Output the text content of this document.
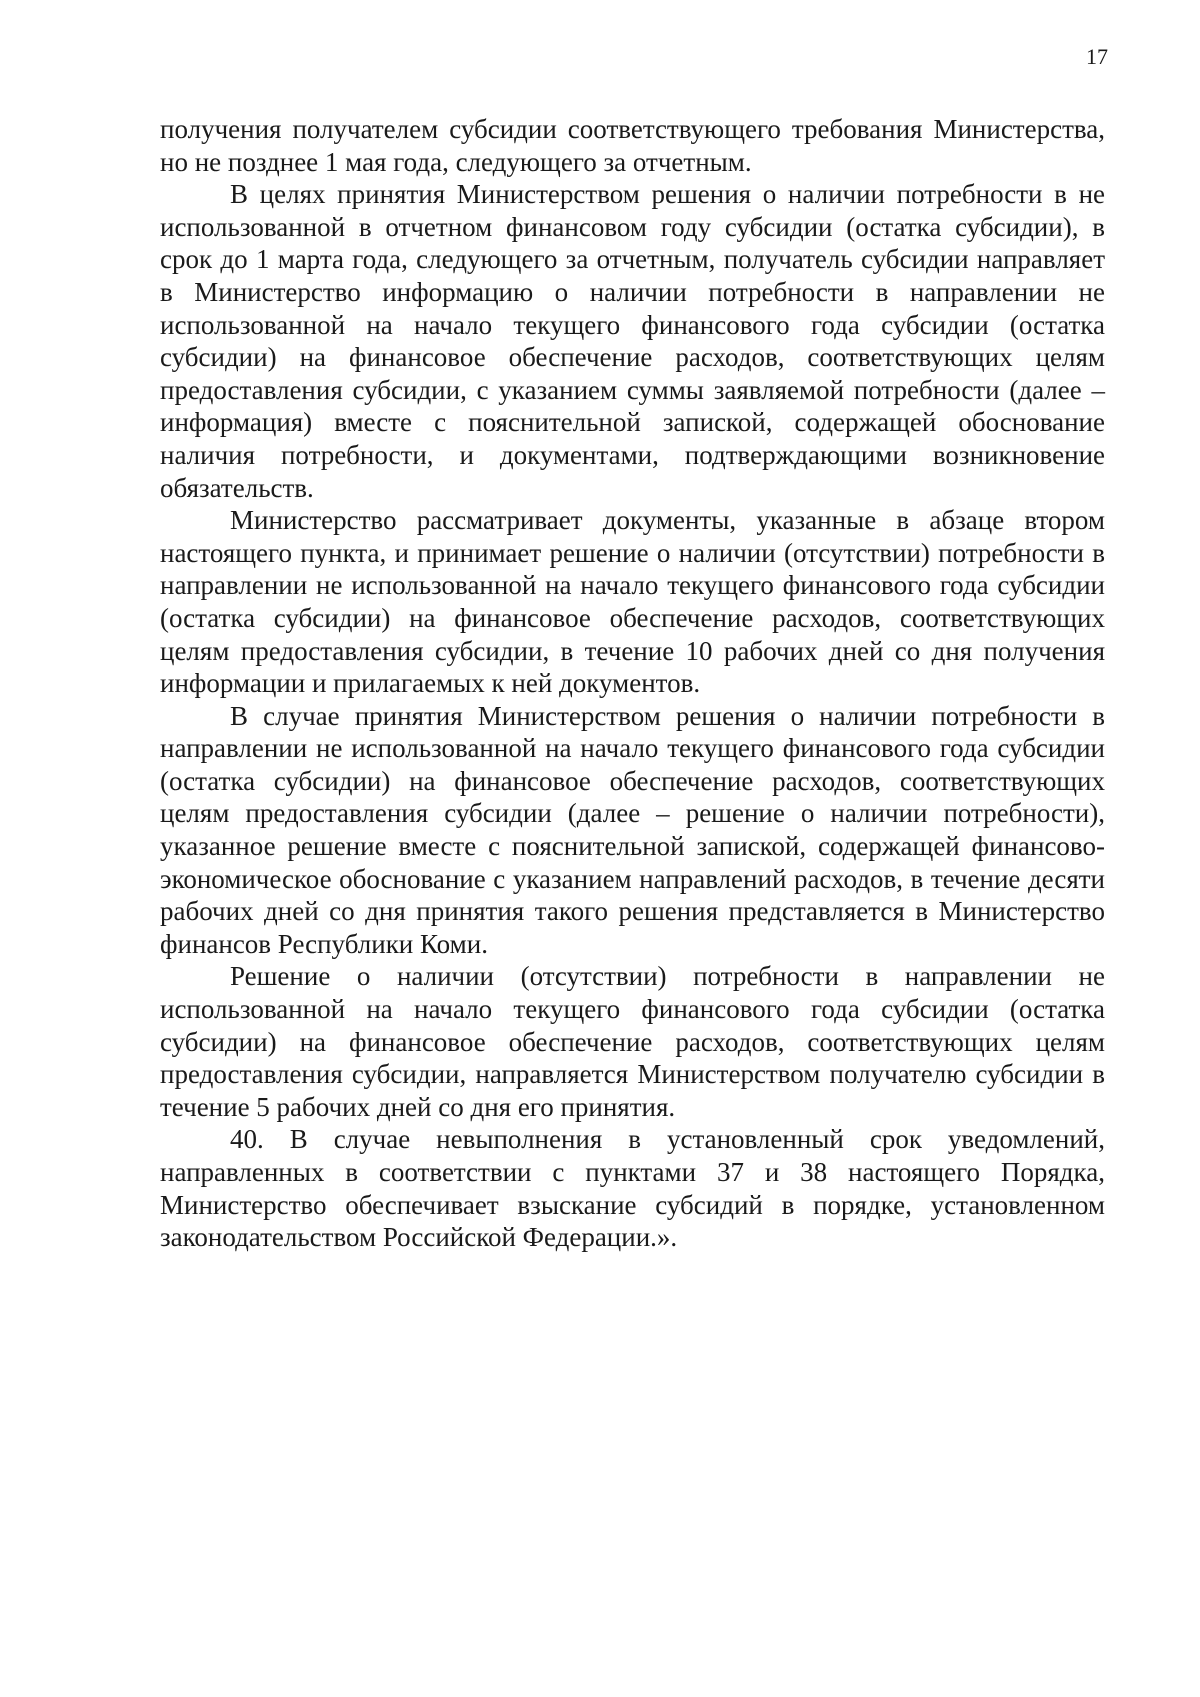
17

получения получателем субсидии соответствующего требования Министерства, но не позднее 1 мая года, следующего за отчетным.

В целях принятия Министерством решения о наличии потребности в не использованной в отчетном финансовом году субсидии (остатка субсидии), в срок до 1 марта года, следующего за отчетным, получатель субсидии направляет в Министерство информацию о наличии потребности в направлении не использованной на начало текущего финансового года субсидии (остатка субсидии) на финансовое обеспечение расходов, соответствующих целям предоставления субсидии, с указанием суммы заявляемой потребности (далее – информация) вместе с пояснительной запиской, содержащей обоснование наличия потребности, и документами, подтверждающими возникновение обязательств.

Министерство рассматривает документы, указанные в абзаце втором настоящего пункта, и принимает решение о наличии (отсутствии) потребности в направлении не использованной на начало текущего финансового года субсидии (остатка субсидии) на финансовое обеспечение расходов, соответствующих целям предоставления субсидии, в течение 10 рабочих дней со дня получения информации и прилагаемых к ней документов.

В случае принятия Министерством решения о наличии потребности в направлении не использованной на начало текущего финансового года субсидии (остатка субсидии) на финансовое обеспечение расходов, соответствующих целям предоставления субсидии (далее – решение о наличии потребности), указанное решение вместе с пояснительной запиской, содержащей финансово-экономическое обоснование с указанием направлений расходов, в течение десяти рабочих дней со дня принятия такого решения представляется в Министерство финансов Республики Коми.

Решение о наличии (отсутствии) потребности в направлении не использованной на начало текущего финансового года субсидии (остатка субсидии) на финансовое обеспечение расходов, соответствующих целям предоставления субсидии, направляется Министерством получателю субсидии в течение 5 рабочих дней со дня его принятия.

40. В случае невыполнения в установленный срок уведомлений, направленных в соответствии с пунктами 37 и 38 настоящего Порядка, Министерство обеспечивает взыскание субсидий в порядке, установленном законодательством Российской Федерации.».
